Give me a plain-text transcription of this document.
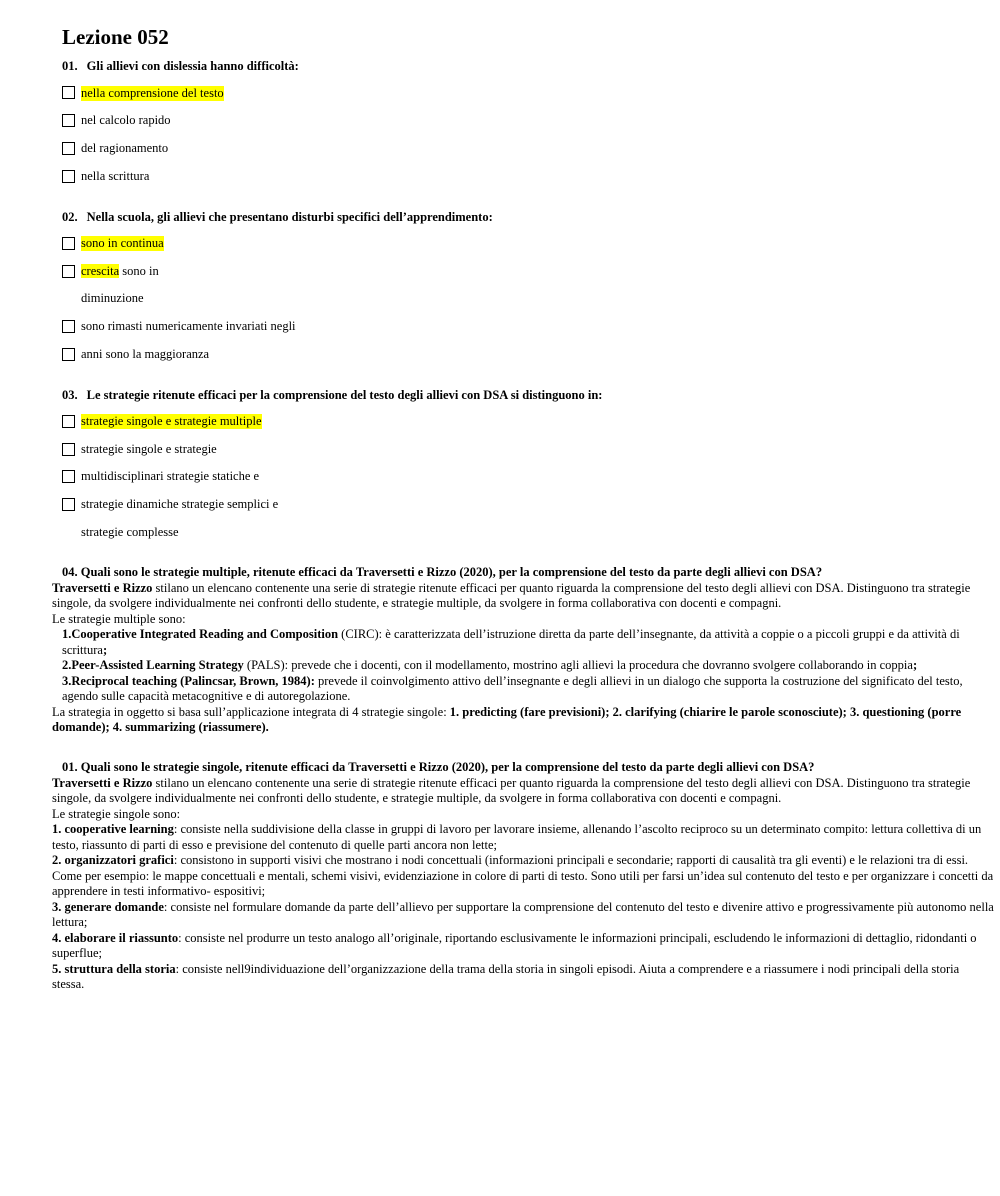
Lezione 052
01. Gli allievi con dislessia hanno difficoltà:
nella comprensione del testo
nel calcolo rapido
del ragionamento
nella scrittura
02. Nella scuola, gli allievi che presentano disturbi specifici dell’apprendimento:
sono in continua
crescita sono in
diminuzione
sono rimasti numericamente invariati negli
anni sono la maggioranza
03. Le strategie ritenute efficaci per la comprensione del testo degli allievi con DSA si distinguono in:
strategie singole e strategie multiple
strategie singole e strategie
multidisciplinari strategie statiche e
strategie dinamiche strategie semplici e
strategie complesse

04. Quali sono le strategie multiple, ritenute efficaci da Traversetti e Rizzo (2020), per la comprensione del testo da parte degli allievi con DSA?

Traversetti e Rizzo stilano un elencano contenente una serie di strategie ritenute efficaci per quanto riguarda la comprensione del testo degli allievi con DSA. Distinguono tra strategie singole, da svolgere individualmente nei confronti dello studente, e strategie multiple, da svolgere in forma collaborativa con docenti e compagni.

Le strategie multiple sono:

1.Cooperative Integrated Reading and Composition (CIRC): è caratterizzata dell’istruzione diretta da parte dell’insegnante, da attività a coppie o a piccoli gruppi e da attività di scrittura;

2.Peer-Assisted Learning Strategy (PALS): prevede che i docenti, con il modellamento, mostrino agli allievi la procedura che dovranno svolgere collaborando in coppia;

3.Reciprocal teaching (Palincsar, Brown, 1984): prevede il coinvolgimento attivo dell’insegnante e degli allievi in un dialogo che supporta la costruzione del significato del testo, agendo sulle capacità metacognitive e di autoregolazione.

La strategia in oggetto si basa sull’applicazione integrata di 4 strategie singole: 1. predicting (fare previsioni); 2. clarifying (chiarire le parole sconosciute); 3. questioning (porre domande); 4. summarizing (riassumere).

01. Quali sono le strategie singole, ritenute efficaci da Traversetti e Rizzo (2020), per la comprensione del testo da parte degli allievi con DSA?

Traversetti e Rizzo stilano un elencano contenente una serie di strategie ritenute efficaci per quanto riguarda la comprensione del testo degli allievi con DSA. Distinguono tra strategie singole, da svolgere individualmente nei confronti dello studente, e strategie multiple, da svolgere in forma collaborativa con docenti e compagni.

Le strategie singole sono:

1. cooperative learning: consiste nella suddivisione della classe in gruppi di lavoro per lavorare insieme, allenando l’ascolto reciproco su un determinato compito: lettura collettiva di un testo, riassunto di parti di esso e previsione del contenuto di quelle parti ancora non lette;

2. organizzatori grafici: consistono in supporti visivi che mostrano i nodi concettuali (informazioni principali e secondarie; rapporti di causalità tra gli eventi) e le relazioni tra di essi. Come per esempio: le mappe concettuali e mentali, schemi visivi, evidenziazione in colore di parti di testo. Sono utili per farsi un’idea sul contenuto del testo e per organizzare i concetti da apprendere in testi informativo- espositivi;

3. generare domande: consiste nel formulare domande da parte dell’allievo per supportare la comprensione del contenuto del testo e divenire attivo e progressivamente più autonomo nella lettura;

4. elaborare il riassunto: consiste nel produrre un testo analogo all’originale, riportando esclusivamente le informazioni principali, escludendo le informazioni di dettaglio, ridondanti o superflue;

5. struttura della storia: consiste nell9individuazione dell’organizzazione della trama della storia in singoli episodi. Aiuta a comprendere e a riassumere i nodi principali della storia stessa.
